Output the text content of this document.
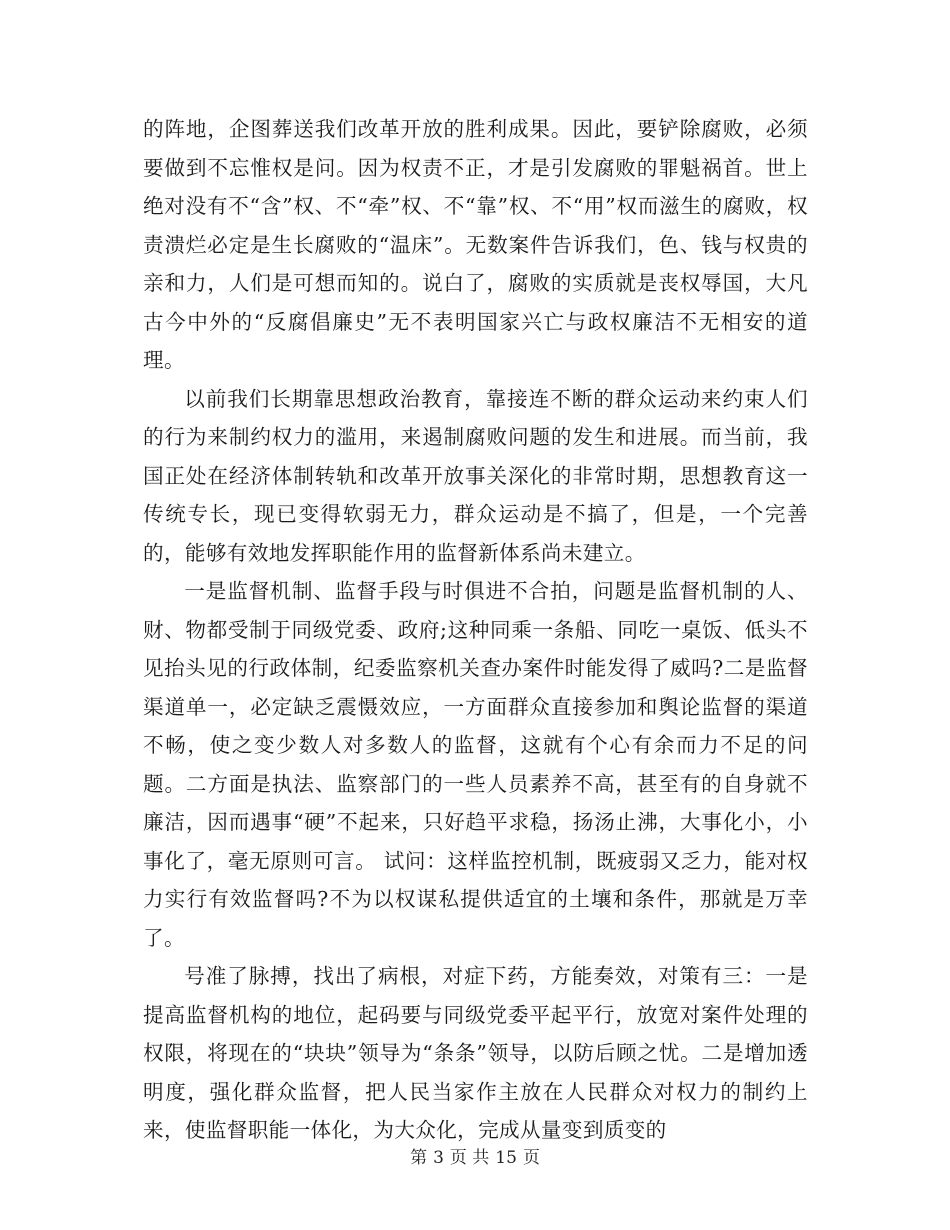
的阵地，企图葬送我们改革开放的胜利成果。因此，要铲除腐败，必须要做到不忘惟权是问。因为权责不正，才是引发腐败的罪魁祸首。世上绝对没有不“含”权、不“牵”权、不“靠”权、不“用”权而滋生的腐败，权责溃烂必定是生长腐败的“温床”。无数案件告诉我们，色、钱与权贵的亲和力，人们是可想而知的。说白了，腐败的实质就是丧权辱国，大凡古今中外的“反腐倡廉史”无不表明国家兴亡与政权廉洁不无相安的道理。

以前我们长期靠思想政治教育，靠接连不断的群众运动来约束人们的行为来制约权力的滥用，来遏制腐败问题的发生和进展。而当前，我国正处在经济体制转轨和改革开放事关深化的非常时期，思想教育这一传统专长，现已变得软弱无力，群众运动是不搞了，但是，一个完善的，能够有效地发挥职能作用的监督新体系尚未建立。

一是监督机制、监督手段与时俱进不合拍，问题是监督机制的人、财、物都受制于同级党委、政府;这种同乘一条船、同吃一桌饭、低头不见抬头见的行政体制，纪委监察机关查办案件时能发得了威吗?二是监督渠道单一，必定缺乏震慑效应，一方面群众直接参加和舆论监督的渠道不畅，使之变少数人对多数人的监督，这就有个心有余而力不足的问题。二方面是执法、监察部门的一些人员素养不高，甚至有的自身就不廉洁，因而遇事“硬”不起来，只好趋平求稳，扬汤止沸，大事化小，小事化了，毫无原则可言。 试问：这样监控机制，既疲弱又乏力，能对权力实行有效监督吗?不为以权谋私提供适宜的土壤和条件，那就是万幸了。

号准了脉搏，找出了病根，对症下药，方能奏效，对策有三：一是提高监督机构的地位，起码要与同级党委平起平行，放宽对案件处理的权限，将现在的“块块”领导为“条条”领导，以防后顾之忧。二是增加透明度，强化群众监督，把人民当家作主放在人民群众对权力的制约上来，使监督职能一体化，为大众化，完成从量变到质变的

第 3 页 共 15 页
